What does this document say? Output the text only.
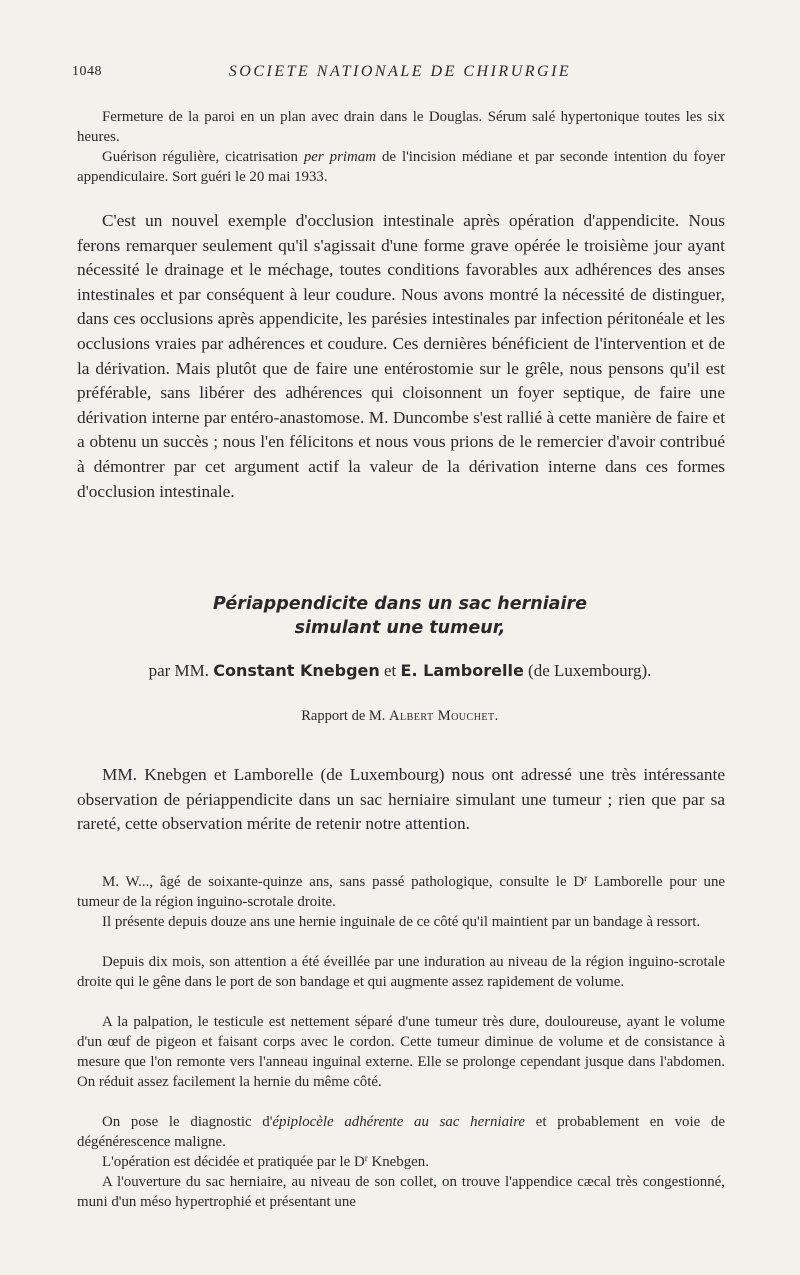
1048	SOCIETE NATIONALE DE CHIRURGIE

Fermeture de la paroi en un plan avec drain dans le Douglas. Sérum salé hypertonique toutes les six heures.

Guérison régulière, cicatrisation per primam de l'incision médiane et par seconde intention du foyer appendiculaire. Sort guéri le 20 mai 1933.

C'est un nouvel exemple d'occlusion intestinale après opération d'appendicite. Nous ferons remarquer seulement qu'il s'agissait d'une forme grave opérée le troisième jour ayant nécessité le drainage et le méchage, toutes conditions favorables aux adhérences des anses intestinales et par conséquent à leur coudure. Nous avons montré la nécessité de distinguer, dans ces occlusions après appendicite, les parésies intestinales par infection péritonéale et les occlusions vraies par adhérences et coudure. Ces dernières bénéficient de l'intervention et de la dérivation. Mais plutôt que de faire une entérostomie sur le grêle, nous pensons qu'il est préférable, sans libérer des adhérences qui cloisonnent un foyer septique, de faire une dérivation interne par entéro-anastomose. M. Duncombe s'est rallié à cette manière de faire et a obtenu un succès ; nous l'en félicitons et nous vous prions de le remercier d'avoir contribué à démontrer par cet argument actif la valeur de la dérivation interne dans ces formes d'occlusion intestinale.

Périappendicite dans un sac herniaire
simulant une tumeur,
par MM. Constant Knebgen et E. Lamborelle (de Luxembourg).
Rapport de M. Albert Mouchet.

MM. Knebgen et Lamborelle (de Luxembourg) nous ont adressé une très intéressante observation de périappendicite dans un sac herniaire simulant une tumeur ; rien que par sa rareté, cette observation mérite de retenir notre attention.

M. W..., âgé de soixante-quinze ans, sans passé pathologique, consulte le $D^r$ Lamborelle pour une tumeur de la région inguino-scrotale droite.

Il présente depuis douze ans une hernie inguinale de ce côté qu'il maintient par un bandage à ressort.

Depuis dix mois, son attention a été éveillée par une induration au niveau de la région inguino-scrotale droite qui le gêne dans le port de son bandage et qui augmente assez rapidement de volume.

A la palpation, le testicule est nettement séparé d'une tumeur très dure, douloureuse, ayant le volume d'un œuf de pigeon et faisant corps avec le cordon. Cette tumeur diminue de volume et de consistance à mesure que l'on remonte vers l'anneau inguinal externe. Elle se prolonge cependant jusque dans l'abdomen. On réduit assez facilement la hernie du même côté.

On pose le diagnostic d'épiplocèle adhérente au sac herniaire et probablement en voie de dégénérescence maligne.

L'opération est décidée et pratiquée par le $D^r$ Knebgen.

A l'ouverture du sac herniaire, au niveau de son collet, on trouve l'appendice cæcal très congestionné, muni d'un méso hypertrophié et présentant une
